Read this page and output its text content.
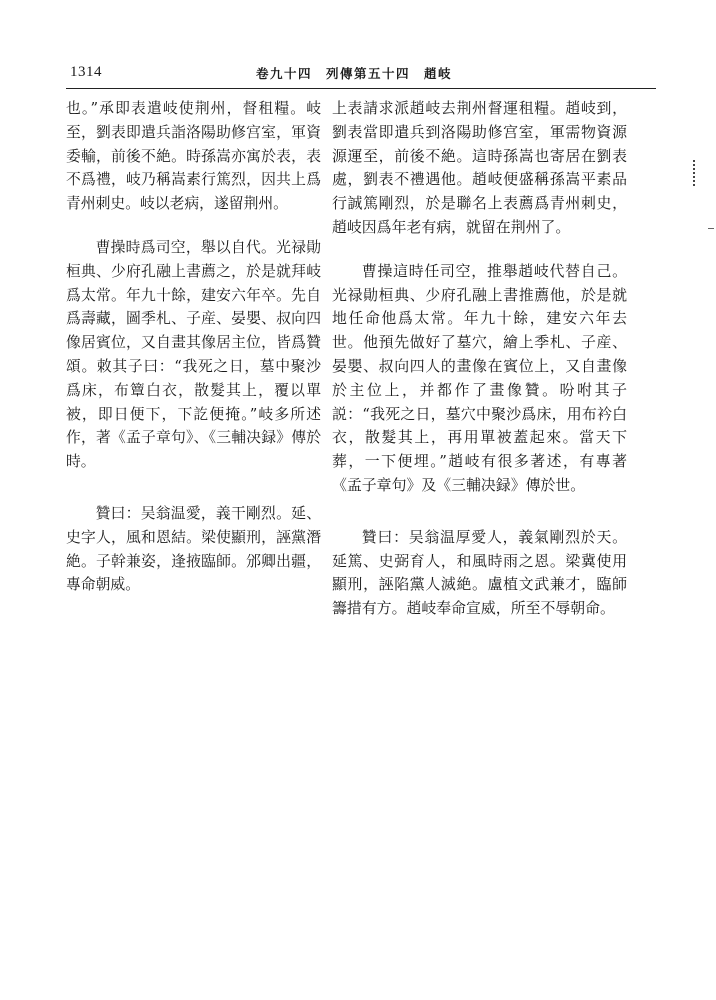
1314	卷九十四　列傳第五十四　趙岐

也。”承即表遣岐使荆州，督租糧。岐至，劉表即遣兵詣洛陽助修宫室，軍資委輸，前後不絶。時孫嵩亦寓於表，表不爲禮，岐乃稱嵩素行篤烈，因共上爲青州刺史。岐以老病，遂留荆州。

曹操時爲司空，舉以自代。光禄勛桓典、少府孔融上書薦之，於是就拜岐爲太常。年九十餘，建安六年卒。先自爲壽藏，圖季札、子産、晏嬰、叔向四像居賓位，又自畫其像居主位，皆爲贊頌。敕其子曰：“我死之日，墓中聚沙爲床，布簟白衣，散髮其上，覆以單被，即日便下，下訖便掩。”岐多所述作，著《孟子章句》、《三輔决録》傳於時。

贊曰：吴翁温愛，義干剛烈。延、史字人，風和恩結。梁使顯刑，誣黨潛絶。子幹兼姿，逢掖臨師。邠卿出疆，專命朝威。

上表請求派趙岐去荆州督運租糧。趙岐到，劉表當即遣兵到洛陽助修宫室，軍需物資源源運至，前後不絶。這時孫嵩也寄居在劉表處，劉表不禮遇他。趙岐便盛稱孫嵩平素品行誠篤剛烈，於是聯名上表薦爲青州刺史，趙岐因爲年老有病，就留在荆州了。

曹操這時任司空，推舉趙岐代替自己。光禄勛桓典、少府孔融上書推薦他，於是就地任命他爲太常。年九十餘，建安六年去世。他預先做好了墓穴，繪上季札、子産、晏嬰、叔向四人的畫像在賓位上，又自畫像於主位上，并都作了畫像贊。吩咐其子説：“我死之日，墓穴中聚沙爲床，用布衿白衣，散髮其上，再用單被蓋起來。當天下葬，一下便埋。”趙岐有很多著述，有專著《孟子章句》及《三輔决録》傳於世。

贊曰：吴翁温厚愛人，義氣剛烈於天。延篤、史弼育人，和風時雨之恩。梁冀使用顯刑，誣陷黨人滅絶。盧植文武兼才，臨師籌措有方。趙岐奉命宣威，所至不辱朝命。
